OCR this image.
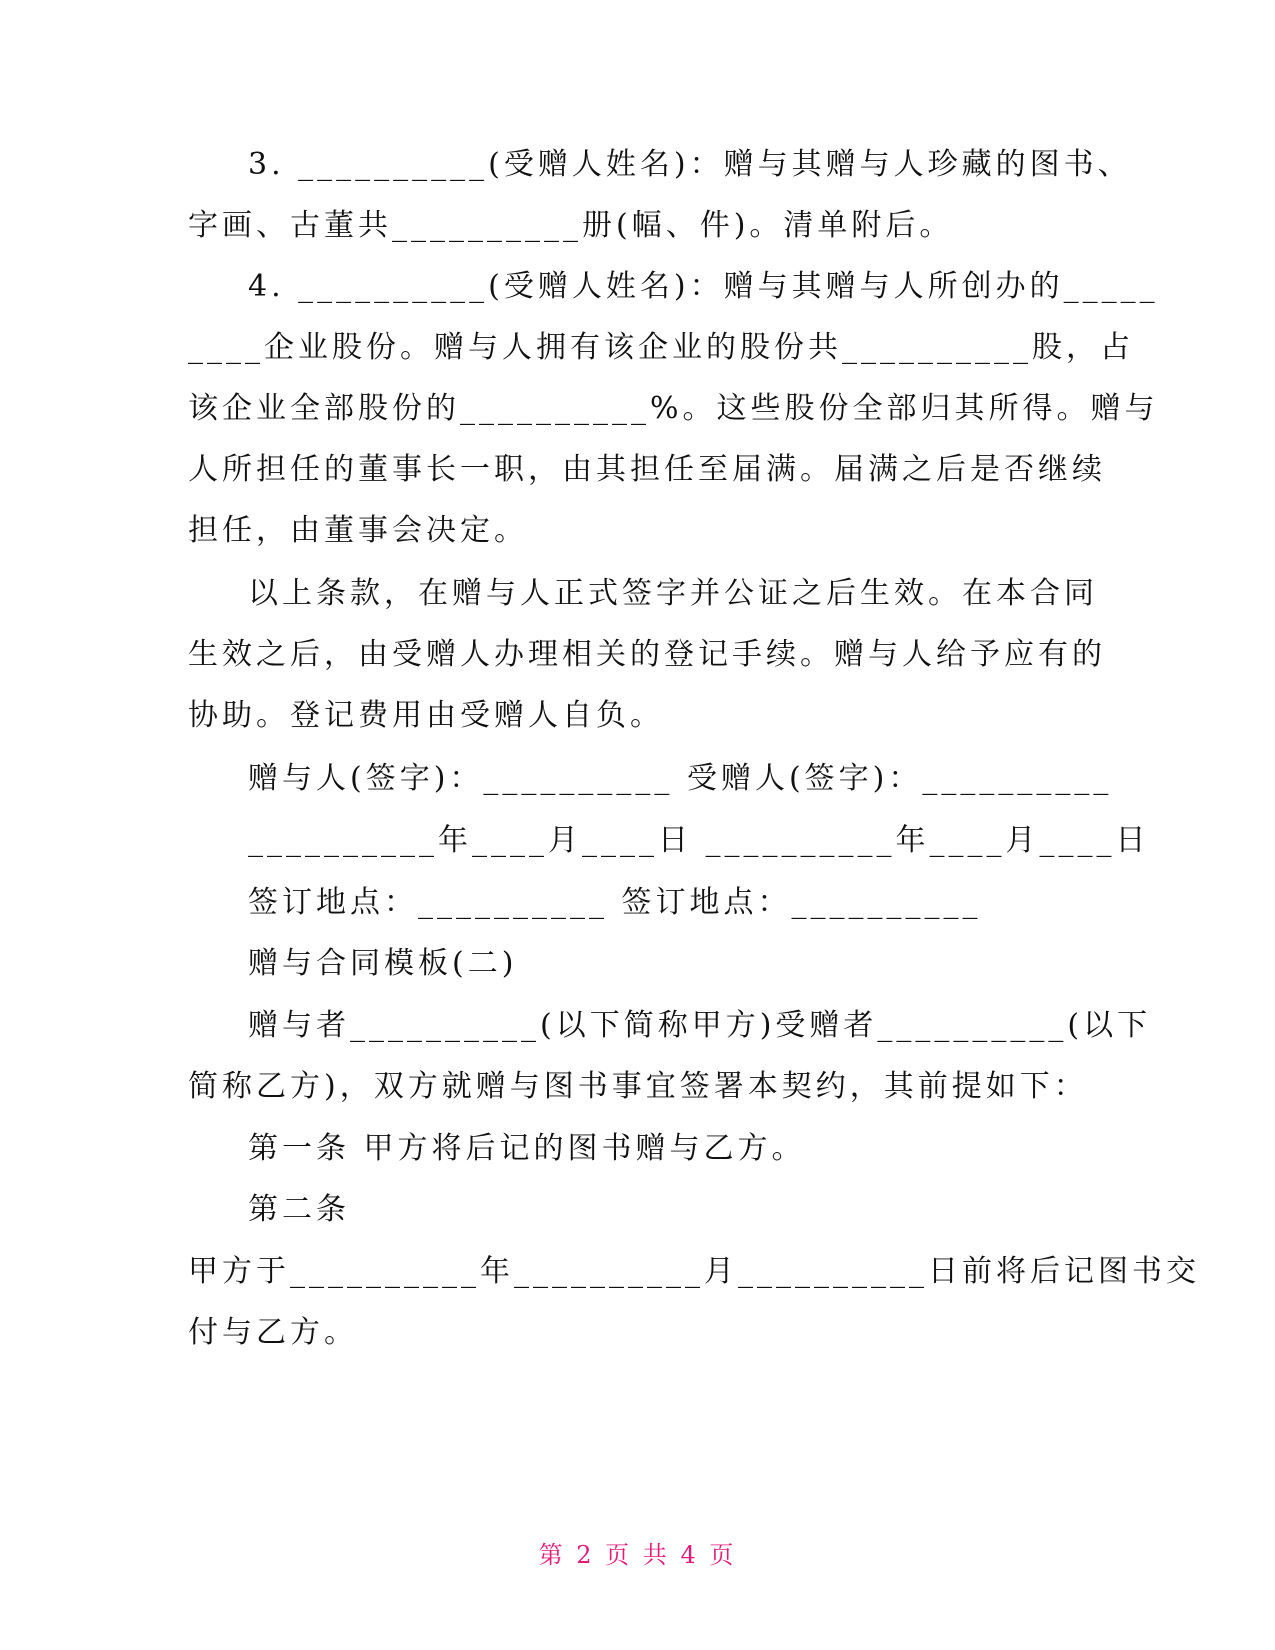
3. __________(受赠人姓名)：赠与其赠与人珍藏的图书、
字画、古董共__________册(幅、件)。清单附后。
4. __________(受赠人姓名)：赠与其赠与人所创办的_____
____企业股份。赠与人拥有该企业的股份共__________股，占
该企业全部股份的__________%。这些股份全部归其所得。赠与
人所担任的董事长一职，由其担任至届满。届满之后是否继续
担任，由董事会决定。
以上条款，在赠与人正式签字并公证之后生效。在本合同
生效之后，由受赠人办理相关的登记手续。赠与人给予应有的
协助。登记费用由受赠人自负。
赠与人(签字)：__________ 受赠人(签字)：__________
__________年____月____日 __________年____月____日
签订地点：__________ 签订地点：__________
赠与合同模板(二)
赠与者__________(以下简称甲方)受赠者__________(以下
简称乙方)，双方就赠与图书事宜签署本契约，其前提如下：
第一条 甲方将后记的图书赠与乙方。
第二条
甲方于__________年__________月__________日前将后记图书交
付与乙方。
第 2 页 共 4 页
